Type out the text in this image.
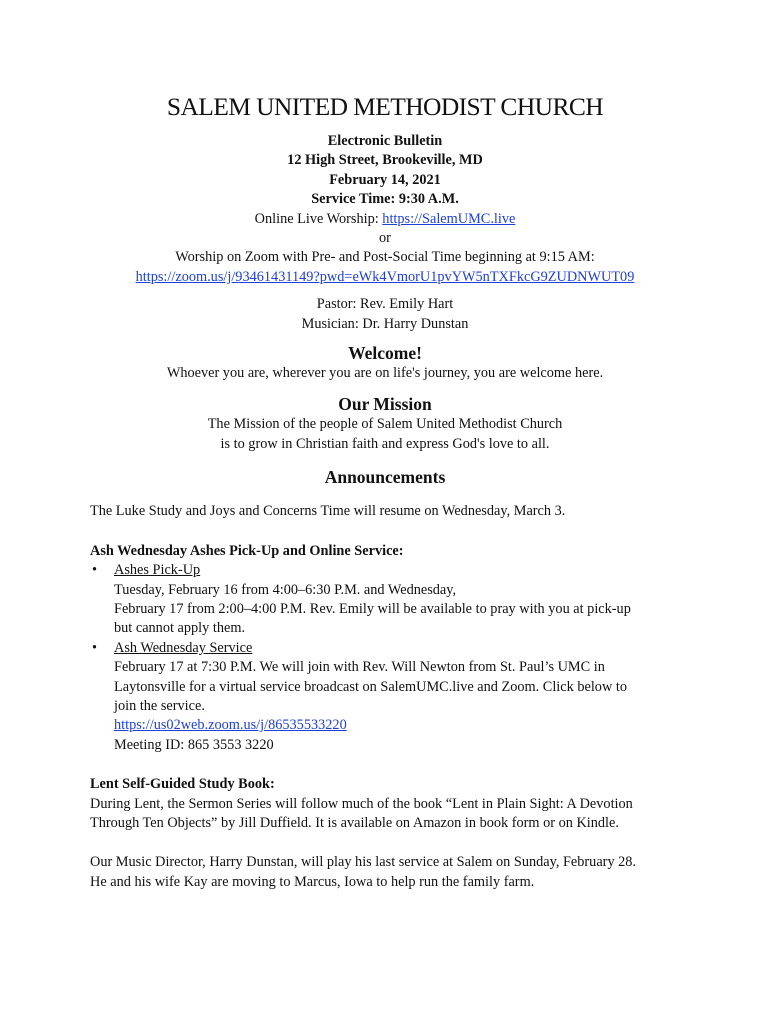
SALEM UNITED METHODIST CHURCH
Electronic Bulletin
12 High Street, Brookeville, MD
February 14, 2021
Service Time: 9:30 A.M.
Online Live Worship: https://SalemUMC.live
or
Worship on Zoom with Pre- and Post-Social Time beginning at 9:15 AM:
https://zoom.us/j/93461431149?pwd=eWk4VmorU1pvYW5nTXFkcG9ZUDNWUT09
Pastor: Rev. Emily Hart
Musician: Dr. Harry Dunstan
Welcome!
Whoever you are, wherever you are on life's journey, you are welcome here.
Our Mission
The Mission of the people of Salem United Methodist Church
is to grow in Christian faith and express God's love to all.
Announcements
The Luke Study and Joys and Concerns Time will resume on Wednesday, March 3.
Ash Wednesday Ashes Pick-Up and Online Service:
• Ashes Pick-Up
Tuesday, February 16 from 4:00–6:30 P.M. and Wednesday,
February 17 from 2:00–4:00 P.M. Rev. Emily will be available to pray with you at pick-up
but cannot apply them.
• Ash Wednesday Service
February 17 at 7:30 P.M. We will join with Rev. Will Newton from St. Paul’s UMC in
Laytonsville for a virtual service broadcast on SalemUMC.live and Zoom. Click below to
join the service.
https://us02web.zoom.us/j/86535533220
Meeting ID: 865 3553 3220
Lent Self-Guided Study Book:
During Lent, the Sermon Series will follow much of the book “Lent in Plain Sight: A Devotion
Through Ten Objects” by Jill Duffield. It is available on Amazon in book form or on Kindle.
Our Music Director, Harry Dunstan, will play his last service at Salem on Sunday, February 28.
He and his wife Kay are moving to Marcus, Iowa to help run the family farm.
